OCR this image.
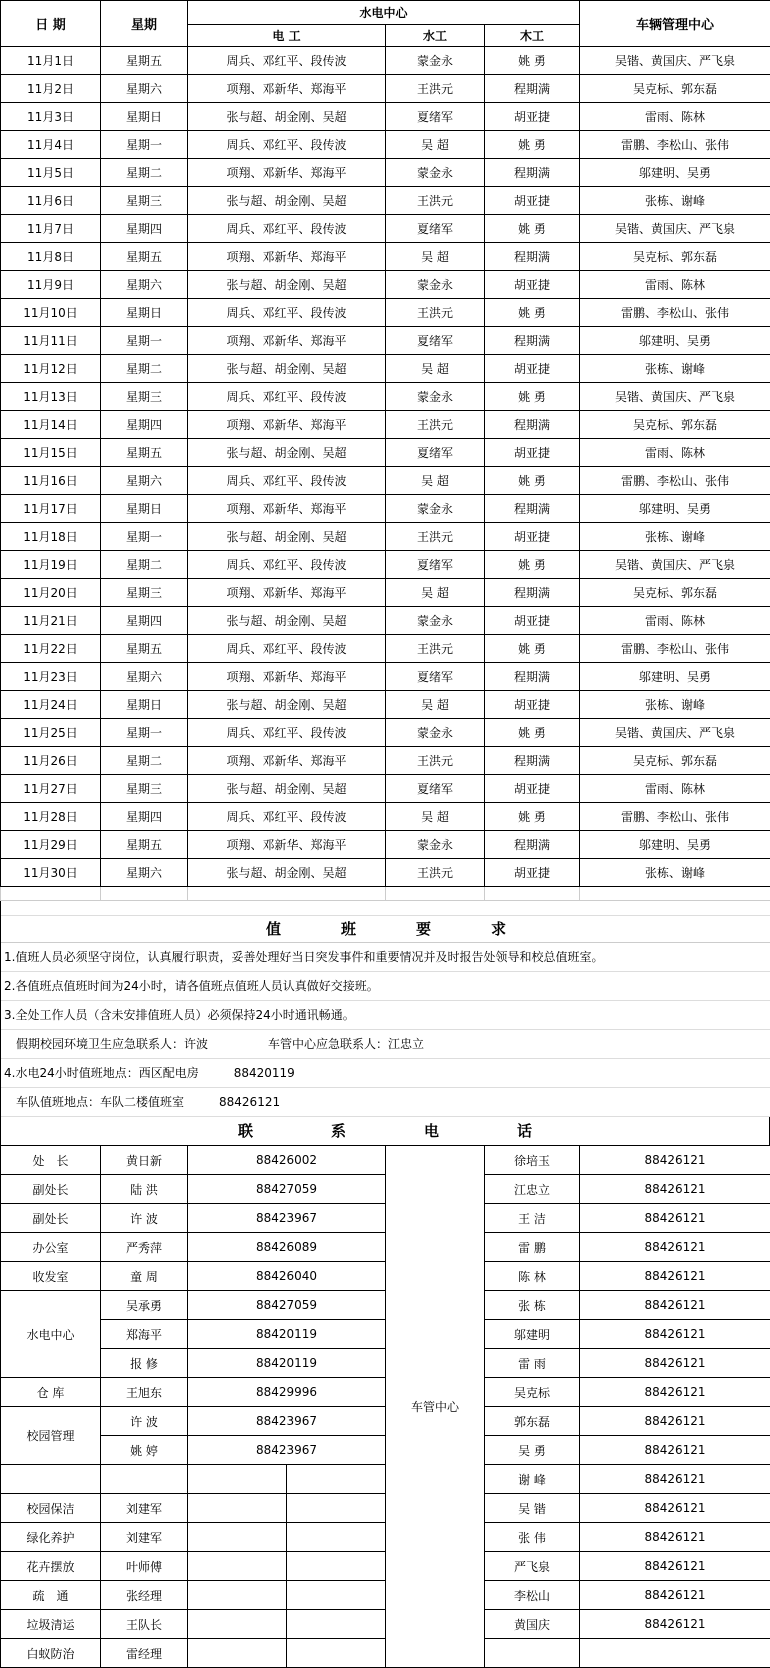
日 期	星期	水电中心			车辆管理中心
		电 工	水工	木工	
11月1日	星期五	周兵、邓红平、段传波	蒙金永	姚 勇	吴锴、黄国庆、严飞泉
11月2日	星期六	项翔、邓新华、郑海平	王洪元	程期满	吴克标、郭东磊
11月3日	星期日	张与超、胡金刚、吴超	夏绪军	胡亚捷	雷雨、陈林
11月4日	星期一	周兵、邓红平、段传波	吴 超	姚 勇	雷鹏、李松山、张伟
11月5日	星期二	项翔、邓新华、郑海平	蒙金永	程期满	邬建明、吴勇
11月6日	星期三	张与超、胡金刚、吴超	王洪元	胡亚捷	张栋、谢峰
11月7日	星期四	周兵、邓红平、段传波	夏绪军	姚 勇	吴锴、黄国庆、严飞泉
11月8日	星期五	项翔、邓新华、郑海平	吴 超	程期满	吴克标、郭东磊
11月9日	星期六	张与超、胡金刚、吴超	蒙金永	胡亚捷	雷雨、陈林
11月10日	星期日	周兵、邓红平、段传波	王洪元	姚 勇	雷鹏、李松山、张伟
11月11日	星期一	项翔、邓新华、郑海平	夏绪军	程期满	邬建明、吴勇
11月12日	星期二	张与超、胡金刚、吴超	吴 超	胡亚捷	张栋、谢峰
11月13日	星期三	周兵、邓红平、段传波	蒙金永	姚 勇	吴锴、黄国庆、严飞泉
11月14日	星期四	项翔、邓新华、郑海平	王洪元	程期满	吴克标、郭东磊
11月15日	星期五	张与超、胡金刚、吴超	夏绪军	胡亚捷	雷雨、陈林
11月16日	星期六	周兵、邓红平、段传波	吴 超	姚 勇	雷鹏、李松山、张伟
11月17日	星期日	项翔、邓新华、郑海平	蒙金永	程期满	邬建明、吴勇
11月18日	星期一	张与超、胡金刚、吴超	王洪元	胡亚捷	张栋、谢峰
11月19日	星期二	周兵、邓红平、段传波	夏绪军	姚 勇	吴锴、黄国庆、严飞泉
11月20日	星期三	项翔、邓新华、郑海平	吴 超	程期满	吴克标、郭东磊
11月21日	星期四	张与超、胡金刚、吴超	蒙金永	胡亚捷	雷雨、陈林
11月22日	星期五	周兵、邓红平、段传波	王洪元	姚 勇	雷鹏、李松山、张伟
11月23日	星期六	项翔、邓新华、郑海平	夏绪军	程期满	邬建明、吴勇
11月24日	星期日	张与超、胡金刚、吴超	吴 超	胡亚捷	张栋、谢峰
11月25日	星期一	周兵、邓红平、段传波	蒙金永	姚 勇	吴锴、黄国庆、严飞泉
11月26日	星期二	项翔、邓新华、郑海平	王洪元	程期满	吴克标、郭东磊
11月27日	星期三	张与超、胡金刚、吴超	夏绪军	胡亚捷	雷雨、陈林
11月28日	星期四	周兵、邓红平、段传波	吴 超	姚 勇	雷鹏、李松山、张伟
11月29日	星期五	项翔、邓新华、郑海平	蒙金永	程期满	邬建明、吴勇
11月30日	星期六	张与超、胡金刚、吴超	王洪元	胡亚捷	张栋、谢峰

值班要求
1.值班人员必须坚守岗位，认真履行职责，妥善处理好当日突发事件和重要情况并及时报告处领导和校总值班室。
2.各值班点值班时间为24小时，请各值班点值班人员认真做好交接班。
3.全处工作人员（含未安排值班人员）必须保持24小时通讯畅通。
假期校园环境卫生应急联系人：许波	车管中心应急联系人：江忠立
4.水电24小时值班地点：西区配电房	88420119
车队值班地点：车队二楼值班室	88426121
联系电话
处　长	黄日新	88426002		车管中心	徐培玉	88426121
副处长	陆 洪	88427059			江忠立	88426121
副处长	许 波	88423967			王 洁	88426121
办公室	严秀萍	88426089			雷 鹏	88426121
收发室	童 周	88426040			陈 林	88426121
水电中心	吴承勇	88427059			张 栋	88426121
	郑海平	88420119			邬建明	88426121
	报 修	88420119			雷 雨	88426121
仓 库	王旭东	88429996			吴克标	88426121
校园管理	许 波	88423967			郭东磊	88426121
	姚 婷	88423967			吴 勇	88426121
					谢 峰	88426121
校园保洁	刘建军				吴 锴	88426121
绿化养护	刘建军				张 伟	88426121
花卉摆放	叶师傅				严飞泉	88426121
疏　通	张经理				李松山	88426121
垃圾清运	王队长				黄国庆	88426121
白蚁防治	雷经理					
